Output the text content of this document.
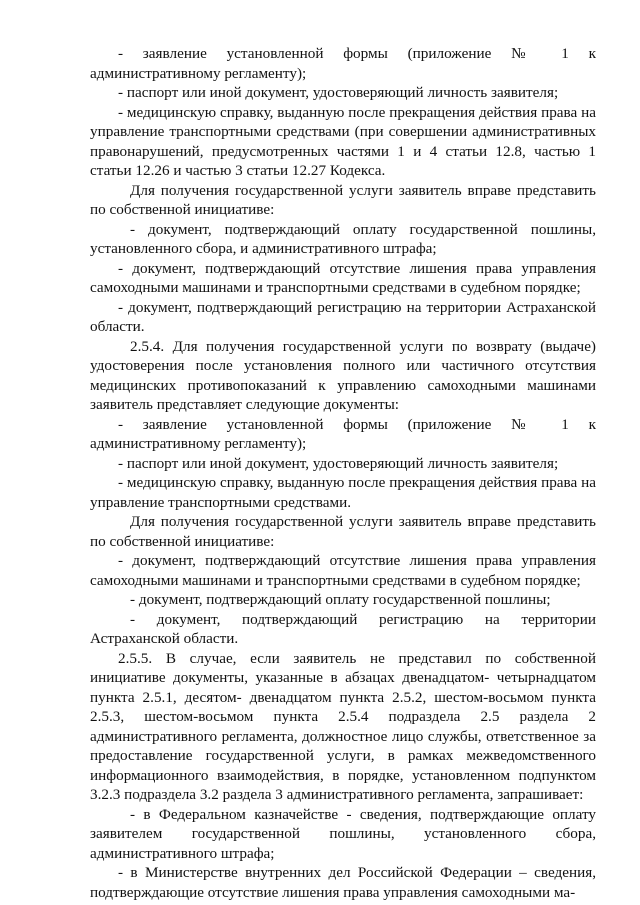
- заявление установленной формы (приложение № 1 к административному регламенту);

- паспорт или иной документ, удостоверяющий личность заявителя;

- медицинскую справку, выданную после прекращения действия права на управление транспортными средствами (при совершении административных правонарушений, предусмотренных частями 1 и 4 статьи 12.8, частью 1 статьи 12.26 и частью 3 статьи 12.27 Кодекса.

Для получения государственной услуги заявитель вправе представить по собственной инициативе:

- документ, подтверждающий оплату государственной пошлины, установленного сбора, и административного штрафа;

- документ, подтверждающий отсутствие лишения права управления самоходными машинами и транспортными средствами в судебном порядке;

- документ, подтверждающий регистрацию на территории Астраханской области.

2.5.4. Для получения государственной услуги по возврату (выдаче) удостоверения после установления полного или частичного отсутствия медицинских противопоказаний к управлению самоходными машинами заявитель представляет следующие документы:

- заявление установленной формы (приложение № 1 к административному регламенту);

- паспорт или иной документ, удостоверяющий личность заявителя;

- медицинскую справку, выданную после прекращения действия права на управление транспортными средствами.

Для получения государственной услуги заявитель вправе представить по собственной инициативе:

- документ, подтверждающий отсутствие лишения права управления самоходными машинами и транспортными средствами в судебном порядке;

- документ, подтверждающий оплату государственной пошлины;

- документ, подтверждающий регистрацию на территории Астраханской области.

2.5.5. В случае, если заявитель не представил по собственной инициативе документы, указанные в абзацах двенадцатом- четырнадцатом пункта 2.5.1, десятом- двенадцатом пункта 2.5.2, шестом-восьмом пункта 2.5.3, шестом-восьмом пункта 2.5.4 подраздела 2.5 раздела 2 административного регламента, должностное лицо службы, ответственное за предоставление государственной услуги, в рамках межведомственного информационного взаимодействия, в порядке, установленном подпунктом 3.2.3 подраздела 3.2 раздела 3 административного регламента, запрашивает:

- в Федеральном казначействе - сведения, подтверждающие оплату заявителем государственной пошлины, установленного сбора, административного штрафа;

- в Министерстве внутренних дел Российской Федерации – сведения, подтверждающие отсутствие лишения права управления самоходными ма-
